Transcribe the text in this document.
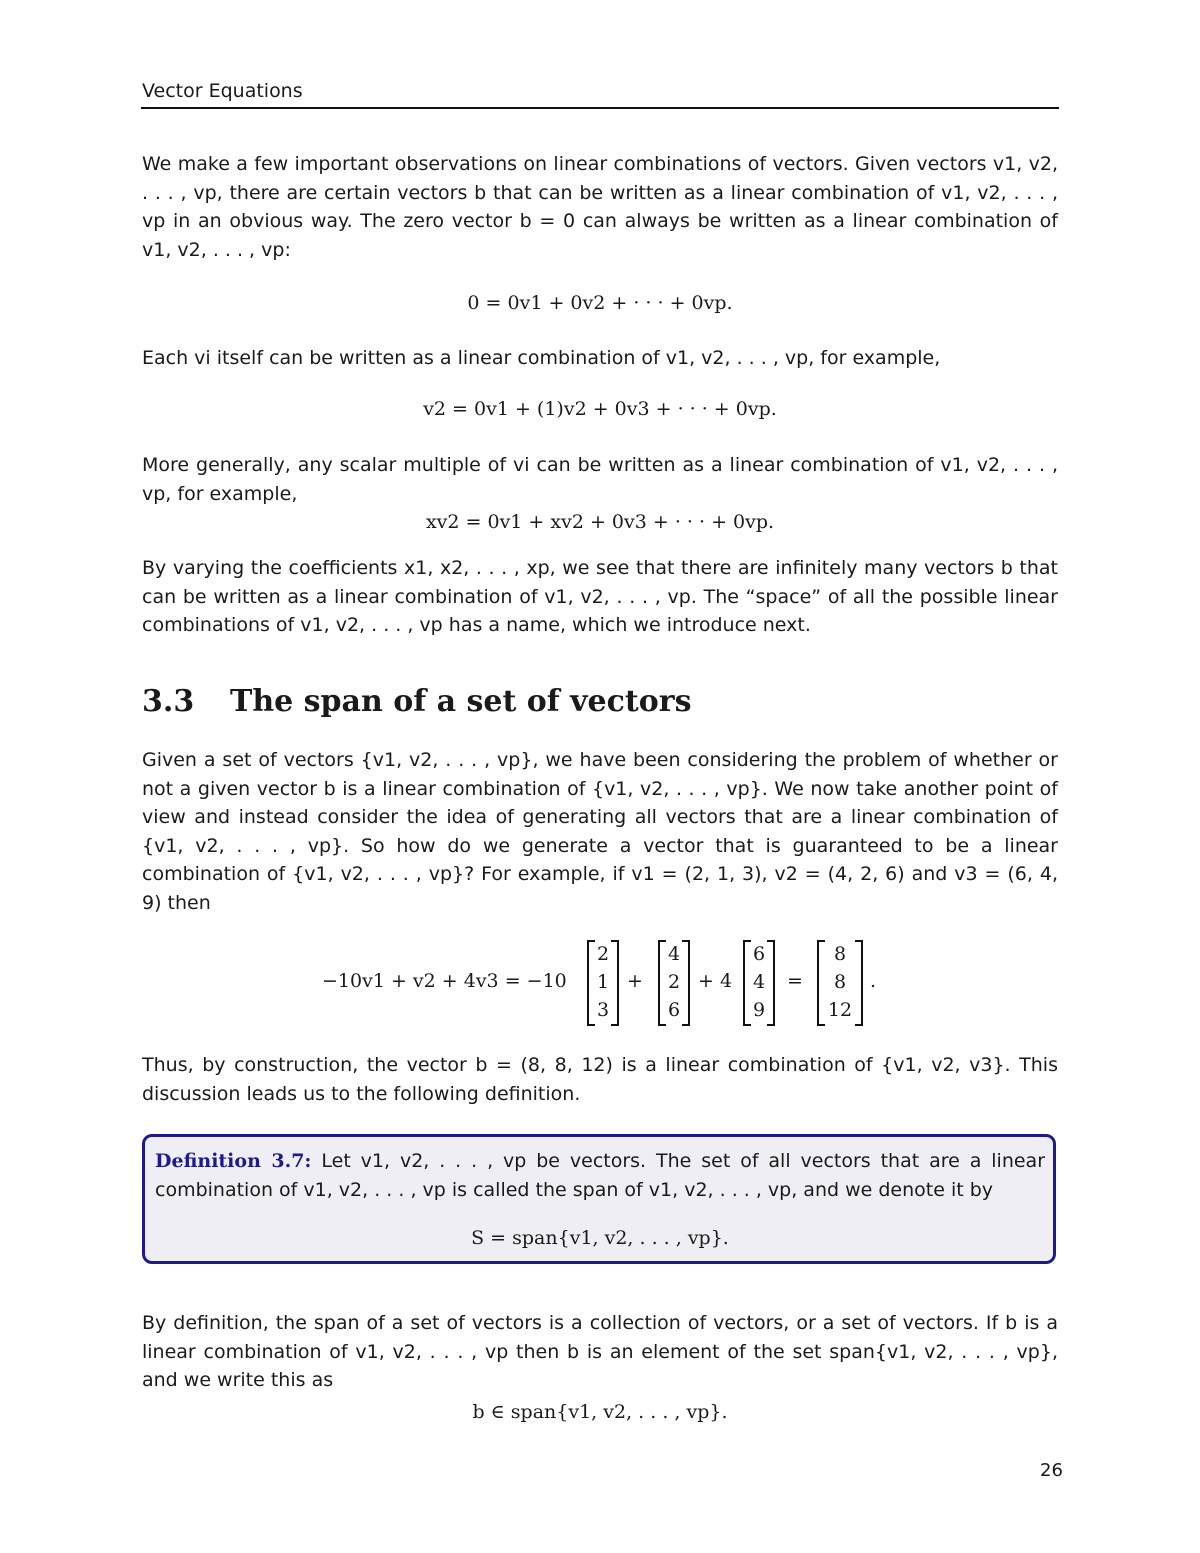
Vector Equations
We make a few important observations on linear combinations of vectors. Given vectors v1, v2, . . . , vp, there are certain vectors b that can be written as a linear combination of v1, v2, . . . , vp in an obvious way. The zero vector b = 0 can always be written as a linear combination of v1, v2, . . . , vp:
0 = 0v1 + 0v2 + · · · + 0vp.
Each vi itself can be written as a linear combination of v1, v2, . . . , vp, for example,
v2 = 0v1 + (1)v2 + 0v3 + · · · + 0vp.
More generally, any scalar multiple of vi can be written as a linear combination of v1, v2, . . . , vp, for example,
xv2 = 0v1 + xv2 + 0v3 + · · · + 0vp.
By varying the coefficients x1, x2, . . . , xp, we see that there are infinitely many vectors b that can be written as a linear combination of v1, v2, . . . , vp. The “space” of all the possible linear combinations of v1, v2, . . . , vp has a name, which we introduce next.
3.3 The span of a set of vectors
Given a set of vectors {v1, v2, . . . , vp}, we have been considering the problem of whether or not a given vector b is a linear combination of {v1, v2, . . . , vp}. We now take another point of view and instead consider the idea of generating all vectors that are a linear combination of {v1, v2, . . . , vp}. So how do we generate a vector that is guaranteed to be a linear combination of {v1, v2, . . . , vp}? For example, if v1 = (2, 1, 3), v2 = (4, 2, 6) and v3 = (6, 4, 9) then
−10v1 + v2 + 4v3 = −10
2
1
3
+
4
2
6
+ 4
6
4
9
=
8
8
12
.
Thus, by construction, the vector b = (8, 8, 12) is a linear combination of {v1, v2, v3}. This discussion leads us to the following definition.
Definition 3.7: Let v1, v2, . . . , vp be vectors. The set of all vectors that are a linear combination of v1, v2, . . . , vp is called the span of v1, v2, . . . , vp, and we denote it by
S = span{v1, v2, . . . , vp}.
By definition, the span of a set of vectors is a collection of vectors, or a set of vectors. If b is a linear combination of v1, v2, . . . , vp then b is an element of the set span{v1, v2, . . . , vp}, and we write this as
b ∈ span{v1, v2, . . . , vp}.
26
